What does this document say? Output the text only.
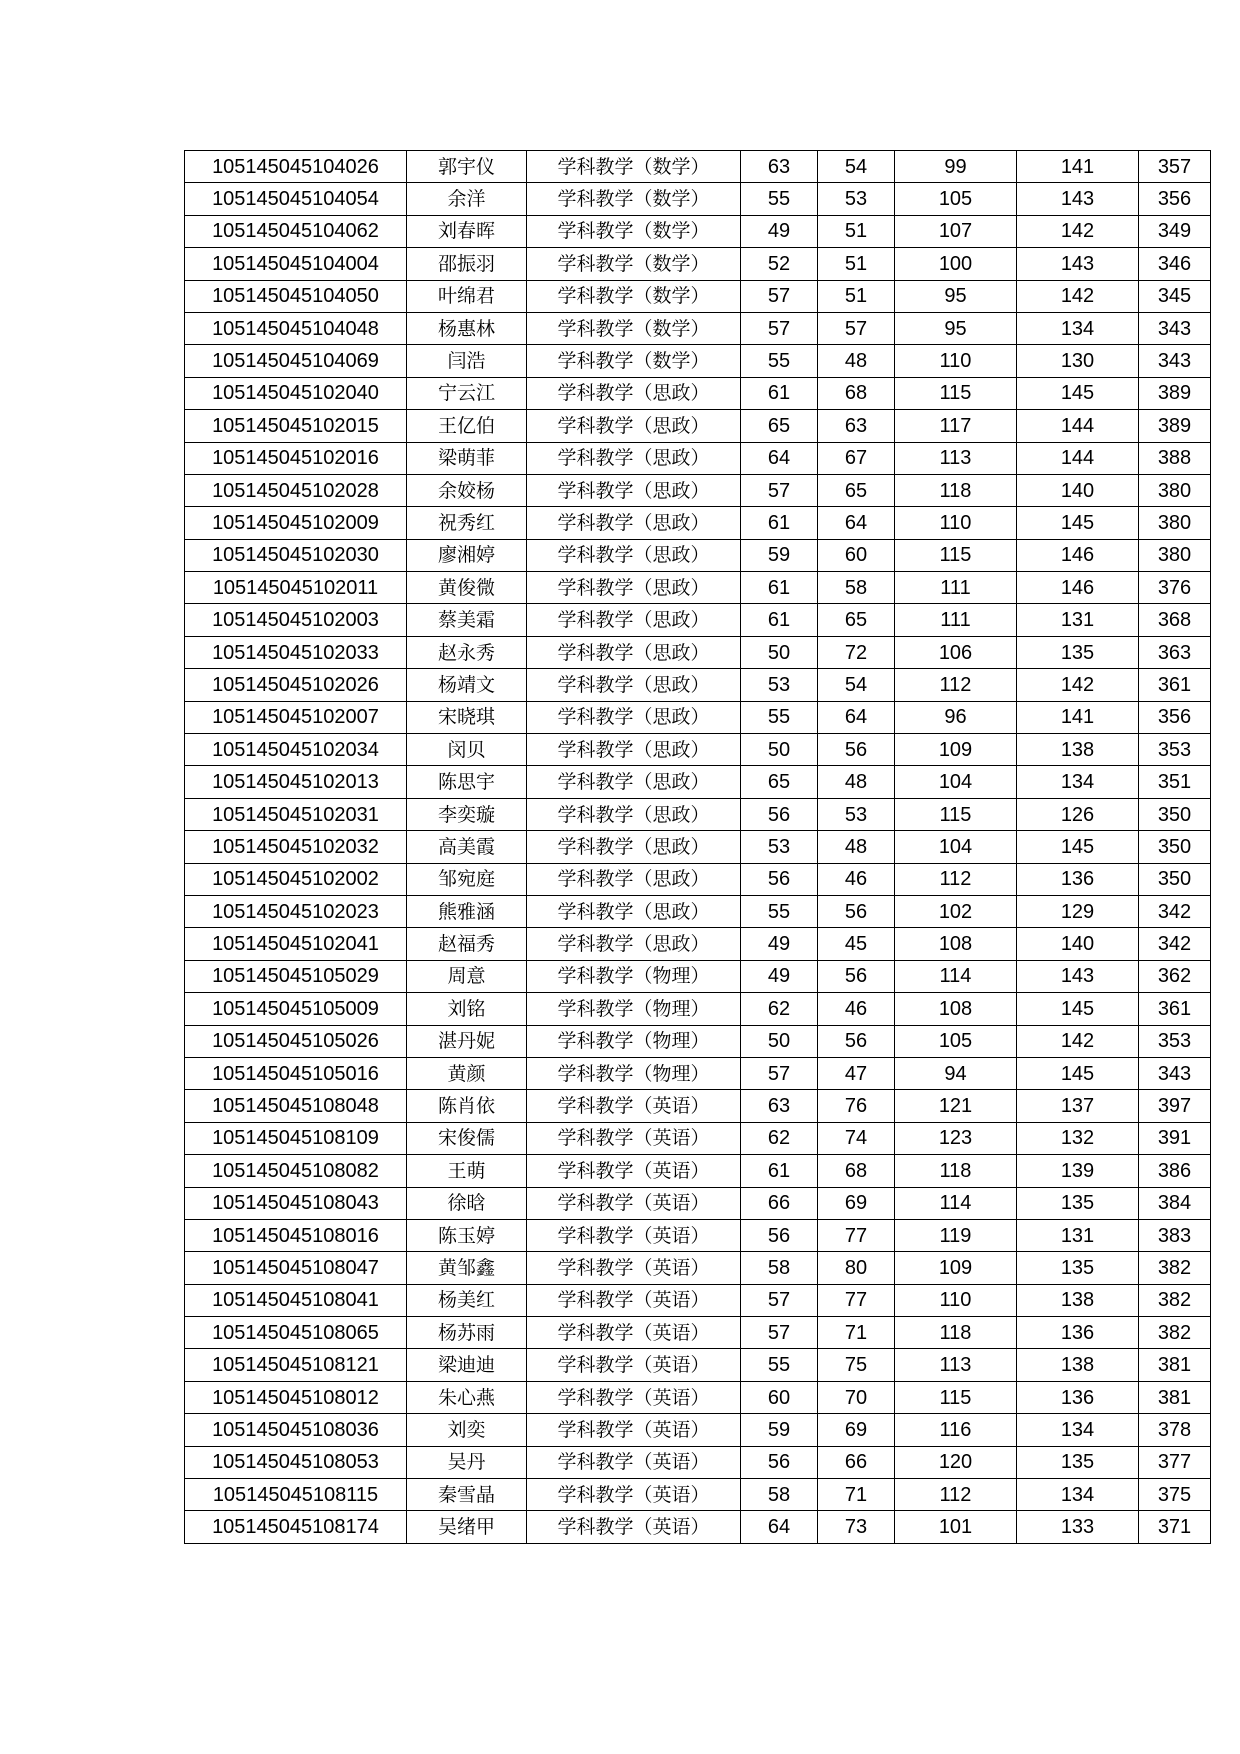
105145045104026	郭宇仪	学科教学（数学）	63	54	99	141	357
105145045104054	余洋	学科教学（数学）	55	53	105	143	356
105145045104062	刘春晖	学科教学（数学）	49	51	107	142	349
105145045104004	邵振羽	学科教学（数学）	52	51	100	143	346
105145045104050	叶绵君	学科教学（数学）	57	51	95	142	345
105145045104048	杨惠林	学科教学（数学）	57	57	95	134	343
105145045104069	闫浩	学科教学（数学）	55	48	110	130	343
105145045102040	宁云江	学科教学（思政）	61	68	115	145	389
105145045102015	王亿伯	学科教学（思政）	65	63	117	144	389
105145045102016	梁萌菲	学科教学（思政）	64	67	113	144	388
105145045102028	余姣杨	学科教学（思政）	57	65	118	140	380
105145045102009	祝秀红	学科教学（思政）	61	64	110	145	380
105145045102030	廖湘婷	学科教学（思政）	59	60	115	146	380
105145045102011	黄俊微	学科教学（思政）	61	58	111	146	376
105145045102003	蔡美霜	学科教学（思政）	61	65	111	131	368
105145045102033	赵永秀	学科教学（思政）	50	72	106	135	363
105145045102026	杨靖文	学科教学（思政）	53	54	112	142	361
105145045102007	宋晓琪	学科教学（思政）	55	64	96	141	356
105145045102034	闵贝	学科教学（思政）	50	56	109	138	353
105145045102013	陈思宇	学科教学（思政）	65	48	104	134	351
105145045102031	李奕璇	学科教学（思政）	56	53	115	126	350
105145045102032	高美霞	学科教学（思政）	53	48	104	145	350
105145045102002	邹宛庭	学科教学（思政）	56	46	112	136	350
105145045102023	熊雅涵	学科教学（思政）	55	56	102	129	342
105145045102041	赵福秀	学科教学（思政）	49	45	108	140	342
105145045105029	周意	学科教学（物理）	49	56	114	143	362
105145045105009	刘铭	学科教学（物理）	62	46	108	145	361
105145045105026	湛丹妮	学科教学（物理）	50	56	105	142	353
105145045105016	黄颜	学科教学（物理）	57	47	94	145	343
105145045108048	陈肖依	学科教学（英语）	63	76	121	137	397
105145045108109	宋俊儒	学科教学（英语）	62	74	123	132	391
105145045108082	王萌	学科教学（英语）	61	68	118	139	386
105145045108043	徐晗	学科教学（英语）	66	69	114	135	384
105145045108016	陈玉婷	学科教学（英语）	56	77	119	131	383
105145045108047	黄邹鑫	学科教学（英语）	58	80	109	135	382
105145045108041	杨美红	学科教学（英语）	57	77	110	138	382
105145045108065	杨苏雨	学科教学（英语）	57	71	118	136	382
105145045108121	梁迪迪	学科教学（英语）	55	75	113	138	381
105145045108012	朱心燕	学科教学（英语）	60	70	115	136	381
105145045108036	刘奕	学科教学（英语）	59	69	116	134	378
105145045108053	吴丹	学科教学（英语）	56	66	120	135	377
105145045108115	秦雪晶	学科教学（英语）	58	71	112	134	375
105145045108174	吴绪甲	学科教学（英语）	64	73	101	133	371
